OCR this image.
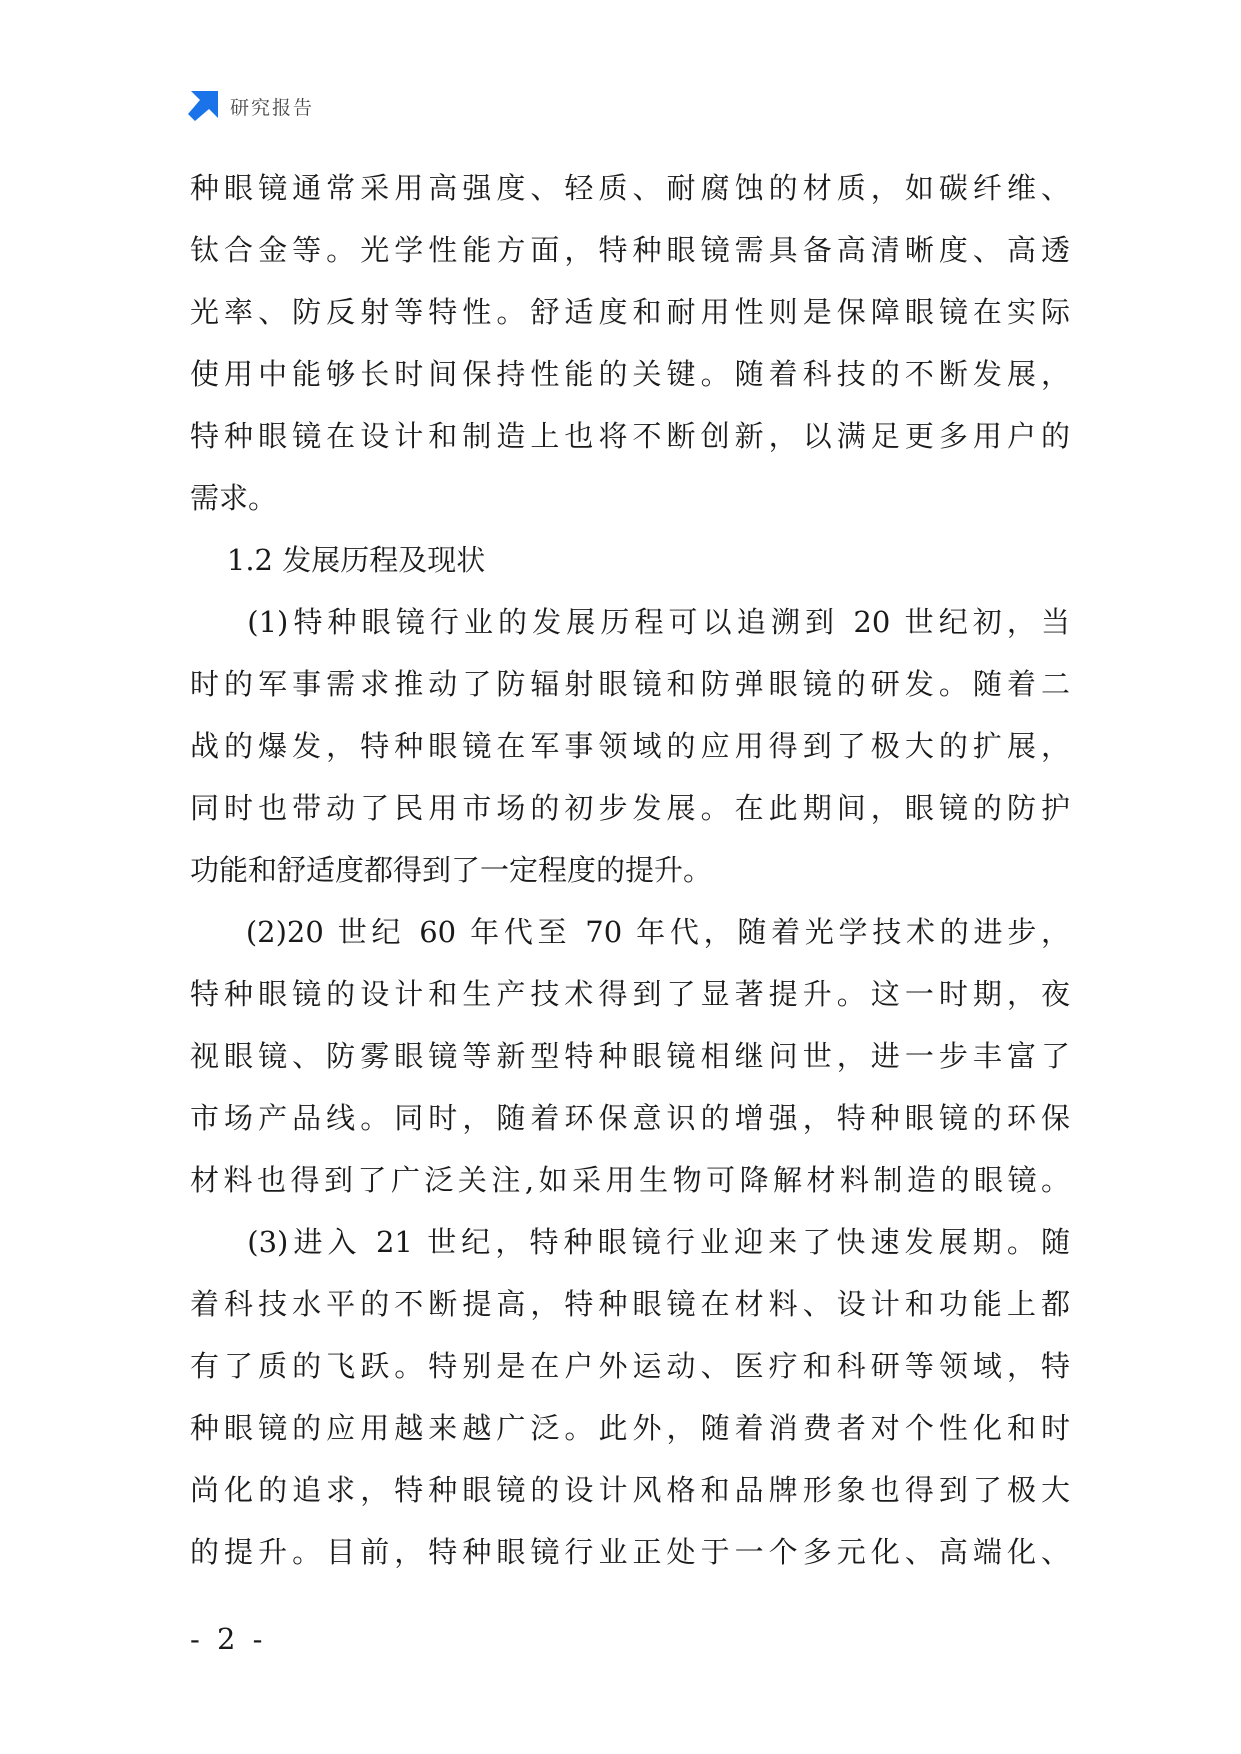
研究报告
种眼镜通常采用高强度、轻质、耐腐蚀的材质，如碳纤维、
钛合金等。光学性能方面，特种眼镜需具备高清晰度、高透
光率、防反射等特性。舒适度和耐用性则是保障眼镜在实际
使用中能够长时间保持性能的关键。随着科技的不断发展，
特种眼镜在设计和制造上也将不断创新，以满足更多用户的
需求。
1.2 发展历程及现状
(1)特种眼镜行业的发展历程可以追溯到 20 世纪初，当
时的军事需求推动了防辐射眼镜和防弹眼镜的研发。随着二
战的爆发，特种眼镜在军事领域的应用得到了极大的扩展，
同时也带动了民用市场的初步发展。在此期间，眼镜的防护
功能和舒适度都得到了一定程度的提升。
(2)20 世纪 60 年代至 70 年代，随着光学技术的进步，
特种眼镜的设计和生产技术得到了显著提升。这一时期，夜
视眼镜、防雾眼镜等新型特种眼镜相继问世，进一步丰富了
市场产品线。同时，随着环保意识的增强，特种眼镜的环保
材料也得到了广泛关注,如采用生物可降解材料制造的眼镜。
(3)进入 21 世纪，特种眼镜行业迎来了快速发展期。随
着科技水平的不断提高，特种眼镜在材料、设计和功能上都
有了质的飞跃。特别是在户外运动、医疗和科研等领域，特
种眼镜的应用越来越广泛。此外，随着消费者对个性化和时
尚化的追求，特种眼镜的设计风格和品牌形象也得到了极大
的提升。目前，特种眼镜行业正处于一个多元化、高端化、
- 2 -
